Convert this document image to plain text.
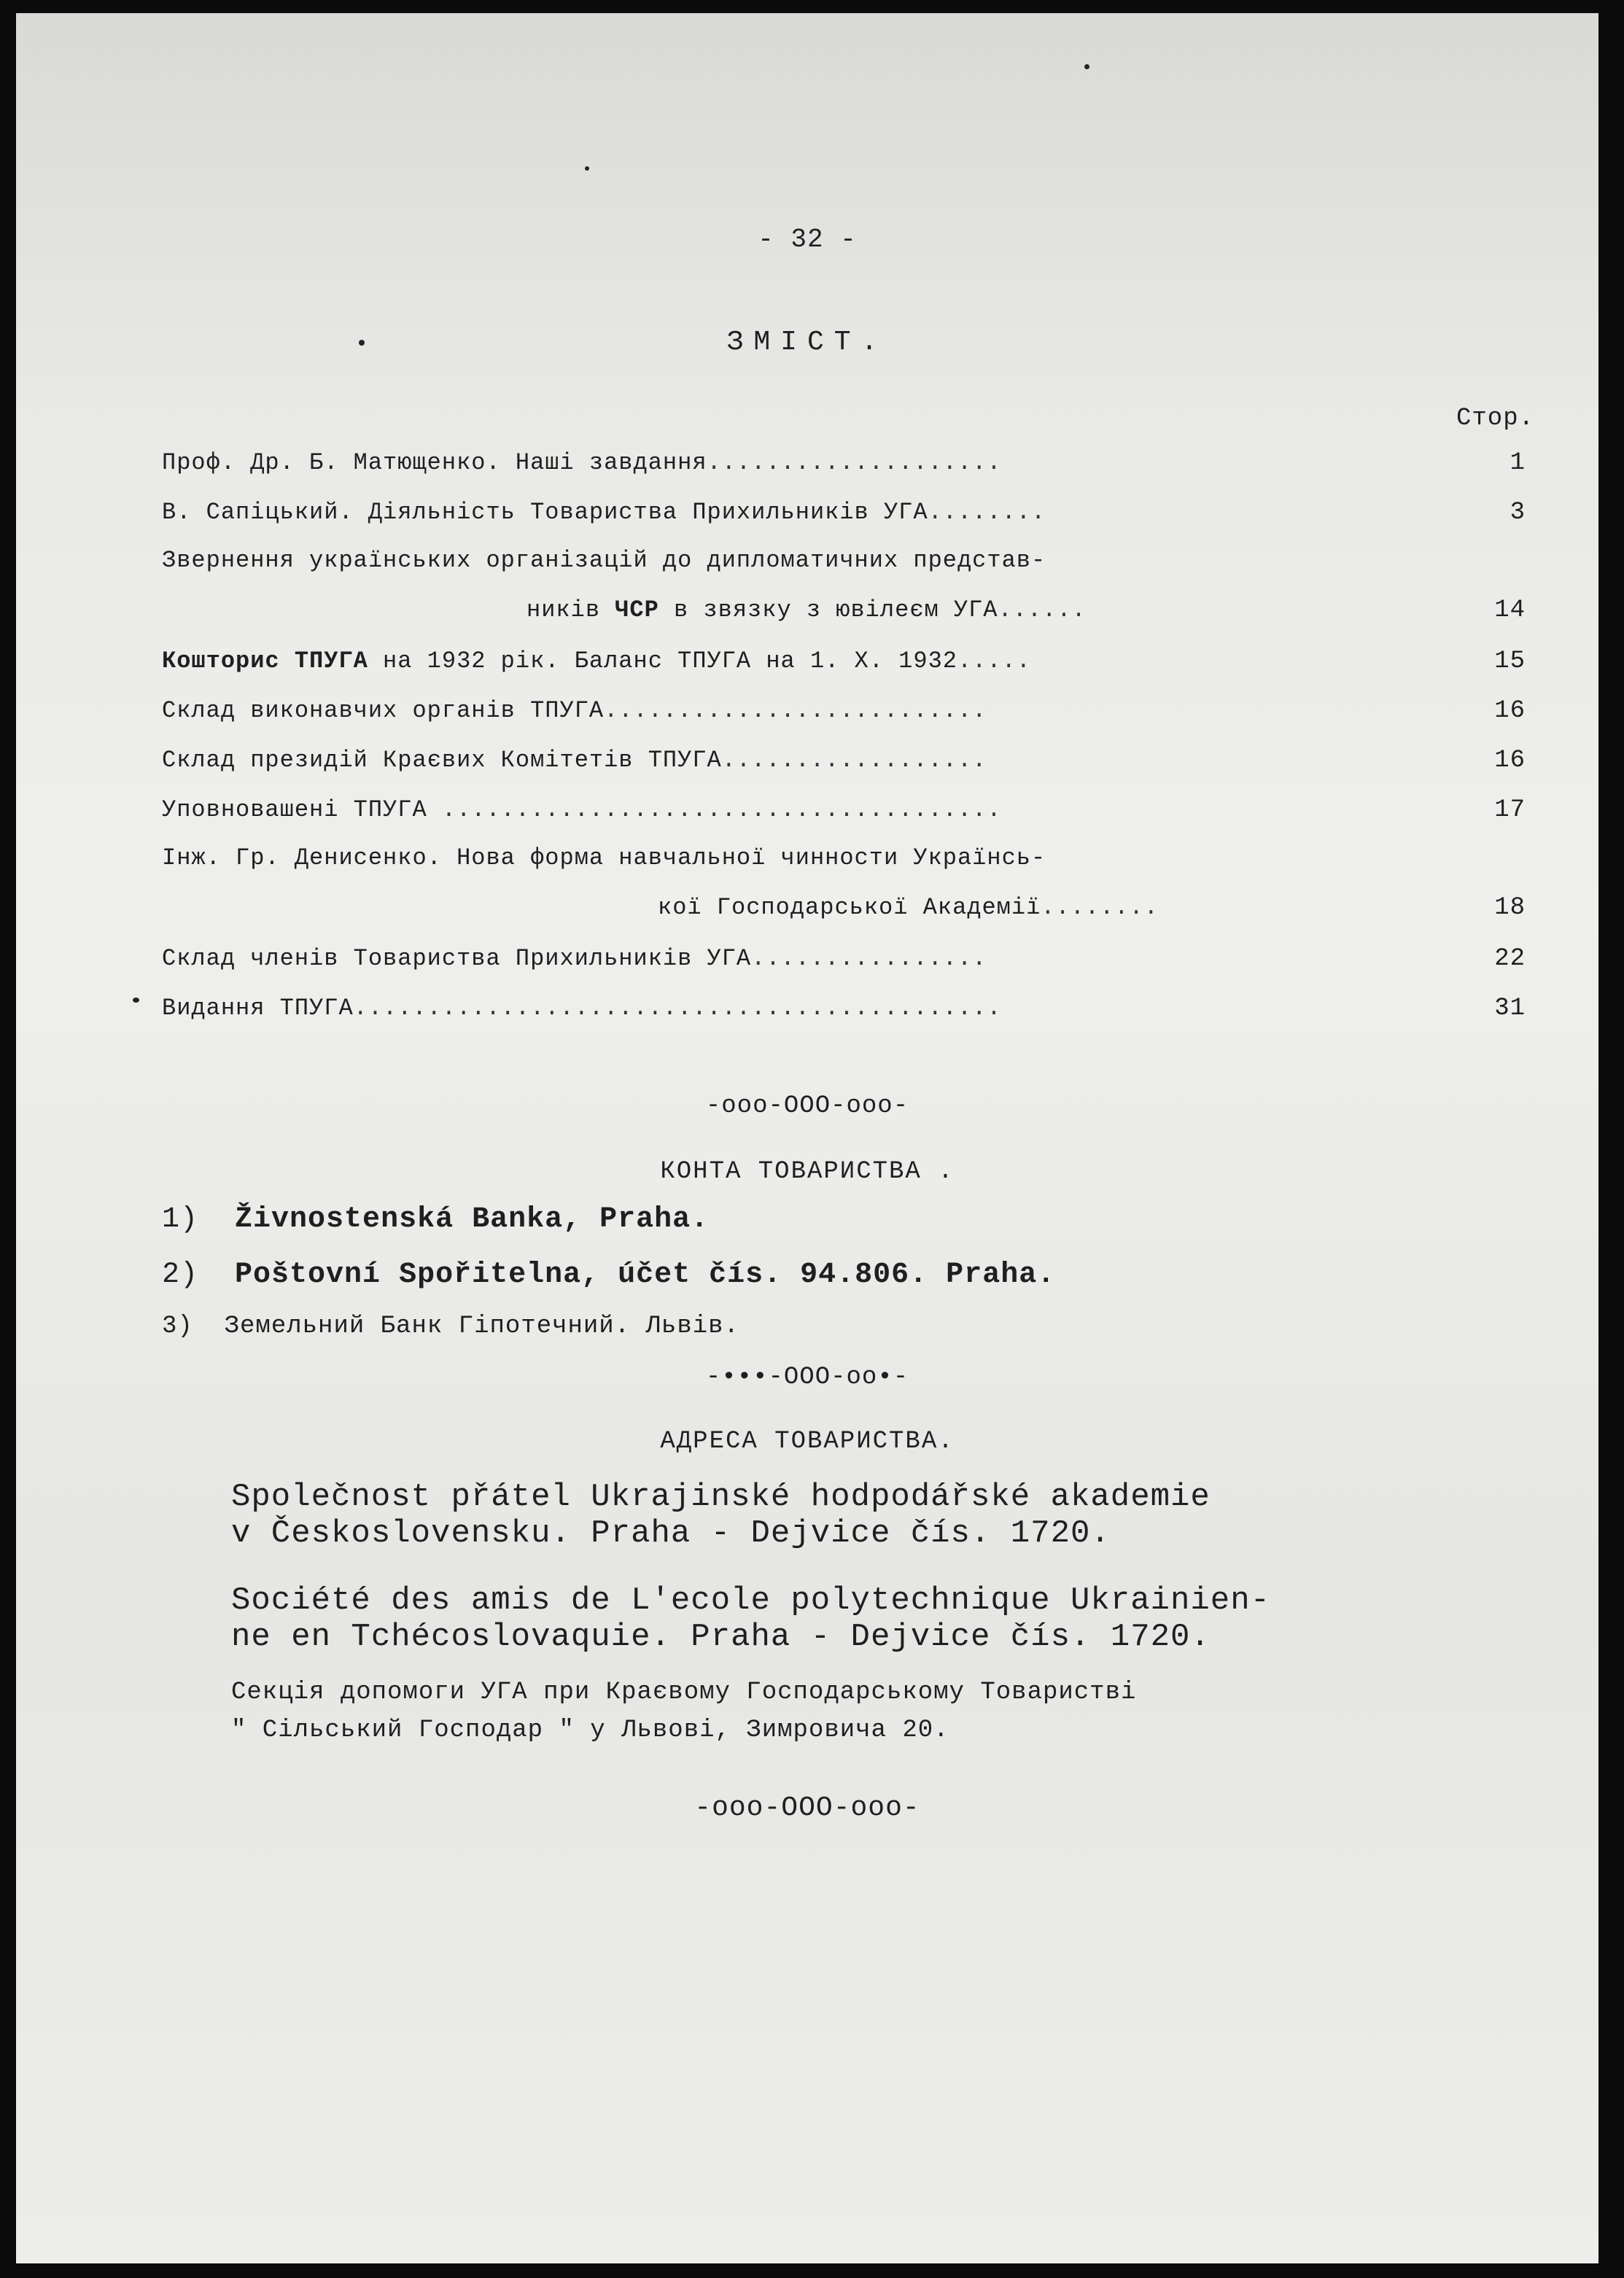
- 32 -
ЗМІСТ.
Стор.
Проф. Др. Б. Матющенко. Наші завдання....................	1
В. Сапіцький. Діяльність Товариства Прихильників УГА........	3
Звернення українських організацій до дипломатичних представ-
ників ЧСР в звязку з ювілеєм УГА......	14
Кошторис ТПУГА на 1932 рік. Баланс ТПУГА на 1. X. 1932.....	15
Склад виконавчих органів ТПУГА..........................	16
Склад президій Краєвих Комітетів ТПУГА..................	16
Уповновашені ТПУГА ......................................	17
Інж. Гр. Денисенко. Нова форма навчальної чинности Українсь-
кої Господарської Академії........	18
Склад членів Товариства Прихильників УГА................	22
Видання ТПУГА............................................	31
-ooo-OOO-ooo-
КОНТА ТОВАРИСТВА .
1) Živnostenská Banka, Praha.
2) Poštovní Spořitelna, účet čís. 94.806. Praha.
3) Земельний Банк Гіпотечний. Львів.
-•••-OOO-oo•-
АДРЕСА ТОВАРИСТВА.
Společnost přátel Ukrajinské hodpodářské akademie
v Československu. Praha - Dejvice čís. 1720.
Société des amis de L'ecole polytechnique Ukrainien-
ne en Tchécoslovaquie. Praha - Dejvice čís. 1720.
Секція допомоги УГА при Краєвому Господарському Товаристві
" Сільський Господар " у Львові, Зимровича 20.
-ooo-OOO-ooo-
